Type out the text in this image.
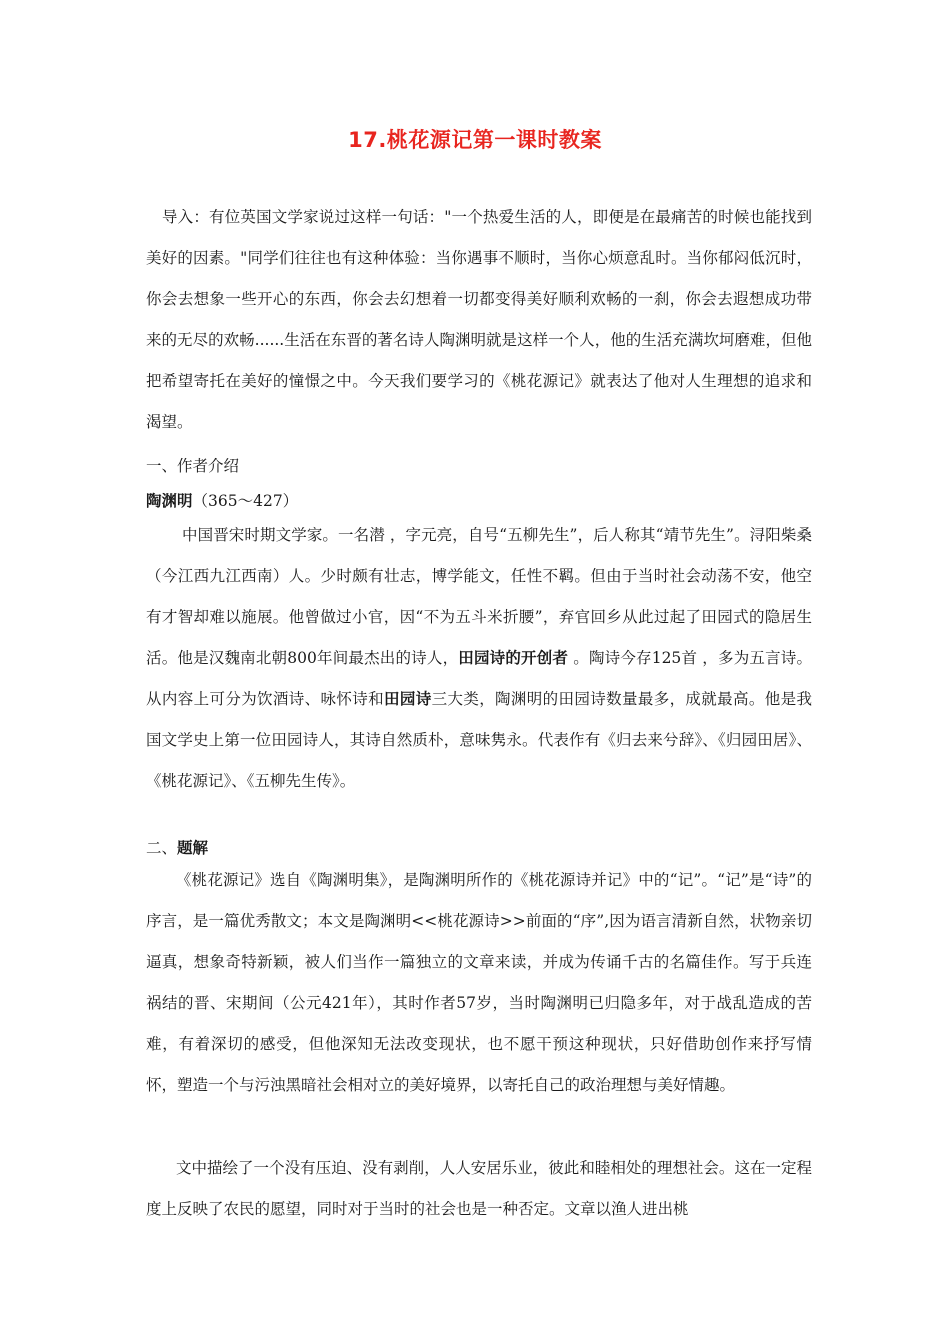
17.桃花源记第一课时教案
导入：有位英国文学家说过这样一句话："一个热爱生活的人，即便是在最痛苦的时候也能找到美好的因素。"同学们往往也有这种体验：当你遇事不顺时，当你心烦意乱时。当你郁闷低沉时，你会去想象一些开心的东西，你会去幻想着一切都变得美好顺利欢畅的一刹，你会去遐想成功带来的无尽的欢畅......生活在东晋的著名诗人陶渊明就是这样一个人，他的生活充满坎坷磨难，但他把希望寄托在美好的憧憬之中。今天我们要学习的《桃花源记》就表达了他对人生理想的追求和渴望。
一、作者介绍
陶渊明（365～427）
中国晋宋时期文学家。一名潜 ，字元亮，自号“五柳先生”，后人称其“靖节先生”。浔阳柴桑（今江西九江西南）人。少时颇有壮志，博学能文，任性不羁。但由于当时社会动荡不安，他空有才智却难以施展。他曾做过小官，因“不为五斗米折腰”，弃官回乡从此过起了田园式的隐居生活。他是汉魏南北朝800年间最杰出的诗人，田园诗的开创者 。陶诗今存125首 ，多为五言诗。从内容上可分为饮酒诗、咏怀诗和田园诗三大类，陶渊明的田园诗数量最多，成就最高。他是我国文学史上第一位田园诗人，其诗自然质朴，意味隽永。代表作有《归去来兮辞》、《归园田居》、《桃花源记》、《五柳先生传》。
二、题解
《桃花源记》选自《陶渊明集》，是陶渊明所作的《桃花源诗并记》中的“记”。“记”是“诗”的序言，是一篇优秀散文；本文是陶渊明<<桃花源诗>>前面的“序”,因为语言清新自然，状物亲切逼真，想象奇特新颖，被人们当作一篇独立的文章来读，并成为传诵千古的名篇佳作。写于兵连祸结的晋、宋期间（公元421年），其时作者57岁，当时陶渊明已归隐多年，对于战乱造成的苦难，有着深切的感受，但他深知无法改变现状，也不愿干预这种现状，只好借助创作来抒写情怀，塑造一个与污浊黑暗社会相对立的美好境界，以寄托自己的政治理想与美好情趣。
文中描绘了一个没有压迫、没有剥削，人人安居乐业，彼此和睦相处的理想社会。这在一定程度上反映了农民的愿望，同时对于当时的社会也是一种否定。文章以渔人进出桃
